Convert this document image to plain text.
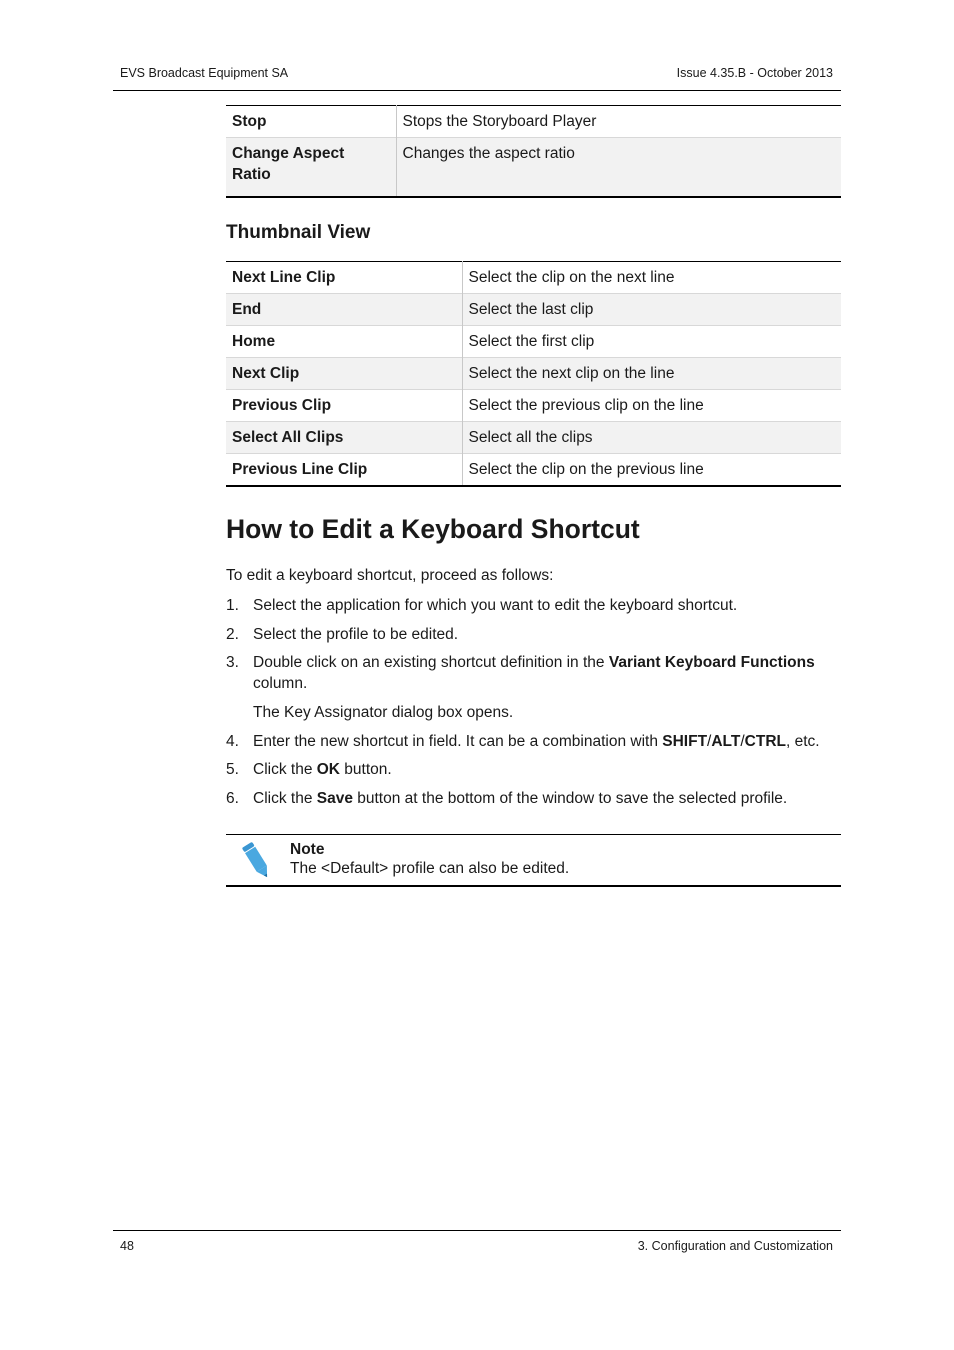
EVS Broadcast Equipment SA	Issue 4.35.B - October 2013
Stop	Stops the Storyboard Player
Change Aspect
Ratio	Changes the aspect ratio
Thumbnail View
Next Line Clip	Select the clip on the next line
End	Select the last clip
Home	Select the first clip
Next Clip	Select the next clip on the line
Previous Clip	Select the previous clip on the line
Select All Clips	Select all the clips
Previous Line Clip	Select the clip on the previous line
How to Edit a Keyboard Shortcut
To edit a keyboard shortcut, proceed as follows:
1. Select the application for which you want to edit the keyboard shortcut.
2. Select the profile to be edited.
3. Double click on an existing shortcut definition in the Variant Keyboard Functions column.
The Key Assignator dialog box opens.
4. Enter the new shortcut in field. It can be a combination with SHIFT/ALT/CTRL, etc.
5. Click the OK button.
6. Click the Save button at the bottom of the window to save the selected profile.
Note
The <Default> profile can also be edited.
48	3. Configuration and Customization
